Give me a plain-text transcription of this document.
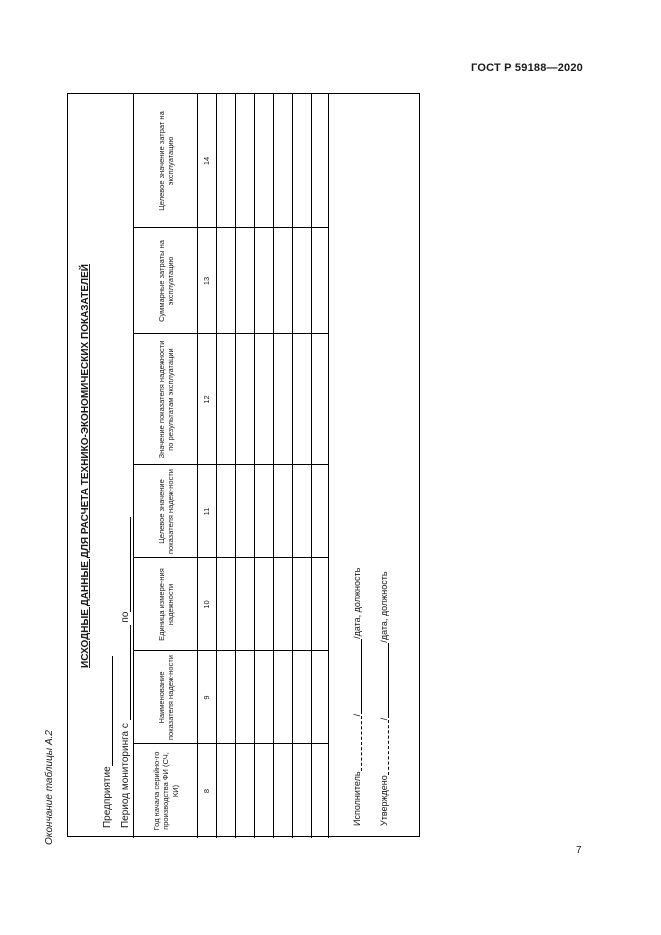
ГОСТ Р 59188—2020
Окончание таблицы А.2
7
ИСХОДНЫЕ ДАННЫЕ ДЛЯ РАСЧЕТА ТЕХНИКО-ЭКОНОМИЧЕСКИХ ПОКАЗАТЕЛЕЙ
Предприятие Период мониторинга с  по
Год начала серийно-го производства ФИ (СЧ, КИ)
Наименование показателя надеж-ности
Единица измере-ния надежности
Целевое значение показателя надеж-ности
Значение показателя надежности по результатам эксплуатации
Суммарные затраты на эксплуатацию
Целевое значение затрат на эксплуатацию
8
9
10
11
12
13
14
Исполнитель//дата, должность
Утверждено//дата, должность
